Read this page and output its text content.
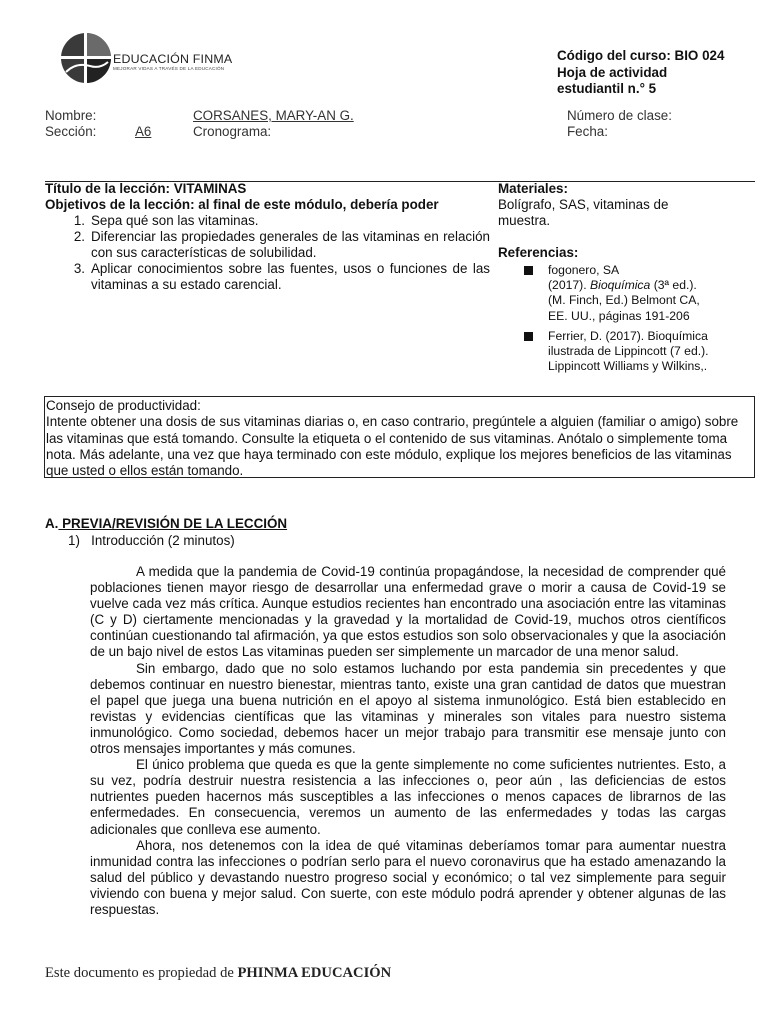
EDUCACIÓN FINMA
MEJORAR VIDAS A TRAVÉS DE LA EDUCACIÓN
Código del curso: BIO 024
Hoja de actividad estudiantil n.° 5
Nombre:	CORSANES, MARY-AN G.	Número de clase:
Sección:	A6	Cronograma:	Fecha:
Título de la lección: VITAMINAS
Objetivos de la lección: al final de este módulo, debería poder
1. Sepa qué son las vitaminas.
2. Diferenciar las propiedades generales de las vitaminas en relación con sus características de solubilidad.
3. Aplicar conocimientos sobre las fuentes, usos o funciones de las vitaminas a su estado carencial.
Materiales:
Bolígrafo, SAS, vitaminas de muestra.
Referencias:
fogonero, SA
(2017). Bioquímica (3ª ed.). (M. Finch, Ed.) Belmont CA, EE. UU., páginas 191-206
Ferrier, D. (2017). Bioquímica ilustrada de Lippincott (7 ed.). Lippincott Williams y Wilkins,.
Consejo de productividad:
Intente obtener una dosis de sus vitaminas diarias o, en caso contrario, pregúntele a alguien (familiar o amigo) sobre las vitaminas que está tomando. Consulte la etiqueta o el contenido de sus vitaminas. Anótalo o simplemente toma nota. Más adelante, una vez que haya terminado con este módulo, explique los mejores beneficios de las vitaminas que usted o ellos están tomando.
A. PREVIA/REVISIÓN DE LA LECCIÓN
1) Introducción (2 minutos)

A medida que la pandemia de Covid-19 continúa propagándose, la necesidad de comprender qué poblaciones tienen mayor riesgo de desarrollar una enfermedad grave o morir a causa de Covid-19 se vuelve cada vez más crítica. Aunque estudios recientes han encontrado una asociación entre las vitaminas (C y D) ciertamente mencionadas y la gravedad y la mortalidad de Covid-19, muchos otros científicos continúan cuestionando tal afirmación, ya que estos estudios son solo observacionales y que la asociación de un bajo nivel de estos Las vitaminas pueden ser simplemente un marcador de una menor salud.

Sin embargo, dado que no solo estamos luchando por esta pandemia sin precedentes y que debemos continuar en nuestro bienestar, mientras tanto, existe una gran cantidad de datos que muestran el papel que juega una buena nutrición en el apoyo al sistema inmunológico. Está bien establecido en revistas y evidencias científicas que las vitaminas y minerales son vitales para nuestro sistema inmunológico. Como sociedad, debemos hacer un mejor trabajo para transmitir ese mensaje junto con otros mensajes importantes y más comunes.

El único problema que queda es que la gente simplemente no come suficientes nutrientes. Esto, a su vez, podría destruir nuestra resistencia a las infecciones o, peor aún , las deficiencias de estos nutrientes pueden hacernos más susceptibles a las infecciones o menos capaces de librarnos de las enfermedades. En consecuencia, veremos un aumento de las enfermedades y todas las cargas adicionales que conlleva ese aumento.

Ahora, nos detenemos con la idea de qué vitaminas deberíamos tomar para aumentar nuestra inmunidad contra las infecciones o podrían serlo para el nuevo coronavirus que ha estado amenazando la salud del público y devastando nuestro progreso social y económico; o tal vez simplemente para seguir viviendo con buena y mejor salud. Con suerte, con este módulo podrá aprender y obtener algunas de las respuestas.

Este documento es propiedad de PHINMA EDUCACIÓN
